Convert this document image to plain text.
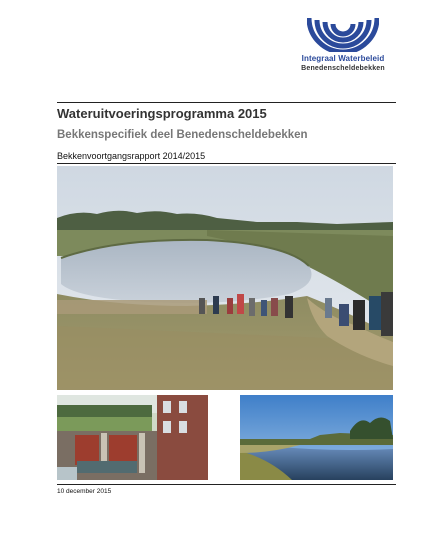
Integraal Waterbeleid
Benedenscheldebekken
Wateruitvoeringsprogramma 2015
Bekkenspecifiek deel Benedenscheldebekken
Bekkenvoortgangsrapport 2014/2015
10 december 2015
